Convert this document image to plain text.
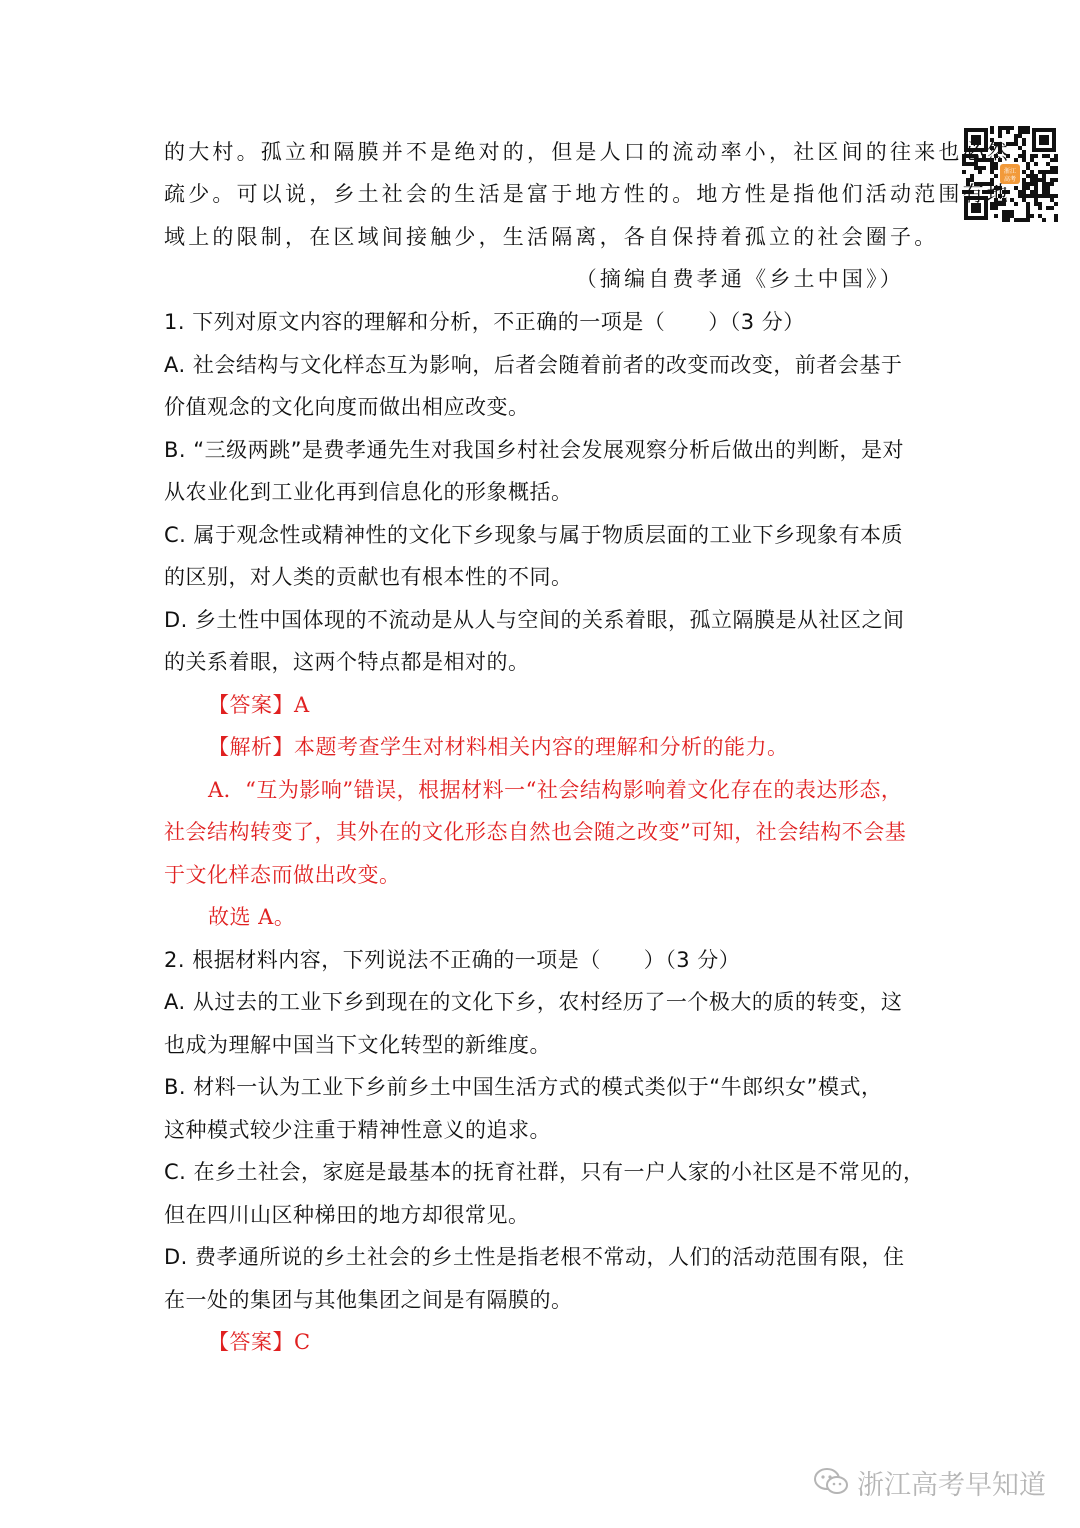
浙江
高考
的大村。孤立和隔膜并不是绝对的，但是人口的流动率小，社区间的往来也必然
疏少。可以说，乡土社会的生活是富于地方性的。地方性是指他们活动范围有地
域上的限制，在区域间接触少，生活隔离，各自保持着孤立的社会圈子。
（摘编自费孝通《乡土中国》）
1. 下列对原文内容的理解和分析，不正确的一项是（　　）（3 分）
A. 社会结构与文化样态互为影响，后者会随着前者的改变而改变，前者会基于
价值观念的文化向度而做出相应改变。
B. “三级两跳”是费孝通先生对我国乡村社会发展观察分析后做出的判断，是对
从农业化到工业化再到信息化的形象概括。
C. 属于观念性或精神性的文化下乡现象与属于物质层面的工业下乡现象有本质
的区别，对人类的贡献也有根本性的不同。
D. 乡土性中国体现的不流动是从人与空间的关系着眼，孤立隔膜是从社区之间
的关系着眼，这两个特点都是相对的。
【答案】A
【解析】本题考查学生对材料相关内容的理解和分析的能力。
A．“互为影响”错误，根据材料一“社会结构影响着文化存在的表达形态，
社会结构转变了，其外在的文化形态自然也会随之改变”可知，社会结构不会基
于文化样态而做出改变。
故选 A。
2. 根据材料内容，下列说法不正确的一项是（　　）（3 分）
A. 从过去的工业下乡到现在的文化下乡，农村经历了一个极大的质的转变，这
也成为理解中国当下文化转型的新维度。
B. 材料一认为工业下乡前乡土中国生活方式的模式类似于“牛郎织女”模式，
这种模式较少注重于精神性意义的追求。
C. 在乡土社会，家庭是最基本的抚育社群，只有一户人家的小社区是不常见的，
但在四川山区种梯田的地方却很常见。
D. 费孝通所说的乡土社会的乡土性是指老根不常动，人们的活动范围有限，住
在一处的集团与其他集团之间是有隔膜的。
【答案】C
浙江高考早知道
